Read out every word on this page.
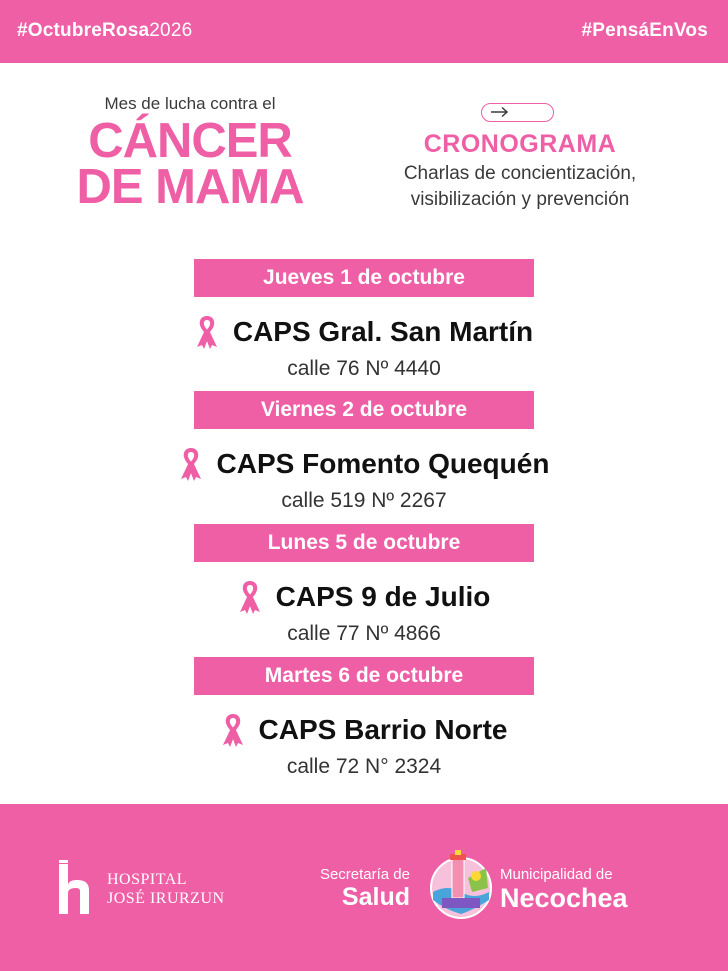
#OctubreRosa2026	#PensáEnVos
Mes de lucha contra el
CÁNCER
DE MAMA
CRONOGRAMA
Charlas de concientización,
visibilización y prevención
Jueves 1 de octubre
CAPS Gral. San Martín
calle 76 Nº 4440
Viernes 2 de octubre
CAPS Fomento Quequén
calle 519 Nº 2267
Lunes 5 de octubre
CAPS 9 de Julio
calle 77 Nº 4866
Martes 6 de octubre
CAPS Barrio Norte
calle 72 N° 2324
HOSPITAL
JOSÉ IRURZUN
Secretaría de
Salud
Municipalidad de
Necochea
